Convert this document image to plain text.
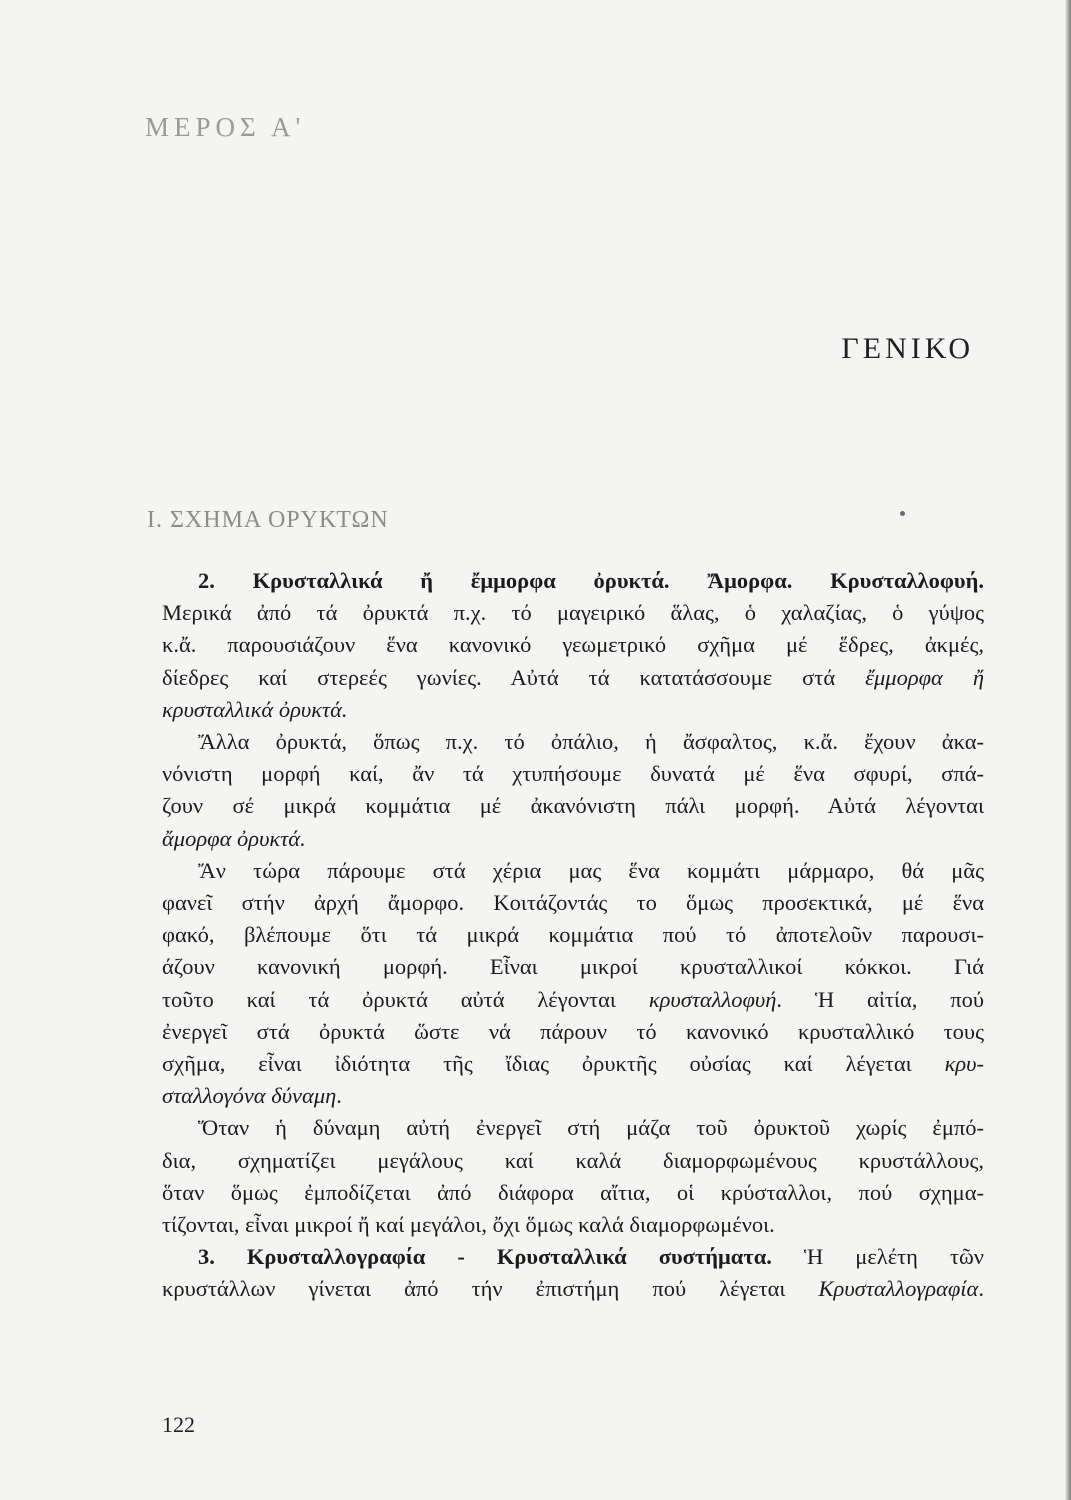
ΜΕΡΟΣ Α'
ΓΕΝΙΚΟ
Ι. ΣΧΗΜΑ ΟΡΥΚΤΩΝ
2. Κρυσταλλικά ἤ ἔμμορφα ὀρυκτά. Ἄμορφα. Κρυσταλλοφυή.
Μερικά ἀπό τά ὀρυκτά π.χ. τό μαγειρικό ἅλας, ὁ χαλαζίας, ὁ γύψος
κ.ἄ. παρουσιάζουν ἕνα κανονικό γεωμετρικό σχῆμα μέ ἕδρες, ἀκμές,
δίεδρες καί στερεές γωνίες. Αὐτά τά κατατάσσουμε στά ἔμμορφα ἤ
κρυσταλλικά ὀρυκτά.
Ἄλλα ὀρυκτά, ὅπως π.χ. τό ὀπάλιο, ἡ ἄσφαλτος, κ.ἄ. ἔχουν ἀκα-
νόνιστη μορφή καί, ἄν τά χτυπήσουμε δυνατά μέ ἕνα σφυρί, σπά-
ζουν σέ μικρά κομμάτια μέ ἀκανόνιστη πάλι μορφή. Αὐτά λέγονται
ἄμορφα ὀρυκτά.
Ἄν τώρα πάρουμε στά χέρια μας ἕνα κομμάτι μάρμαρο, θά μᾶς
φανεῖ στήν ἀρχή ἄμορφο. Κοιτάζοντάς το ὅμως προσεκτικά, μέ ἕνα
φακό, βλέπουμε ὅτι τά μικρά κομμάτια πού τό ἀποτελοῦν παρουσι-
άζουν κανονική μορφή. Εἶναι μικροί κρυσταλλικοί κόκκοι. Γιά
τοῦτο καί τά ὀρυκτά αὐτά λέγονται κρυσταλλοφυή. Ἡ αἰτία, πού
ἐνεργεῖ στά ὀρυκτά ὥστε νά πάρουν τό κανονικό κρυσταλλικό τους
σχῆμα, εἶναι ἰδιότητα τῆς ἴδιας ὀρυκτῆς οὐσίας καί λέγεται κρυ-
σταλλογόνα δύναμη.
Ὅταν ἡ δύναμη αὐτή ἐνεργεῖ στή μάζα τοῦ ὀρυκτοῦ χωρίς ἐμπό-
δια, σχηματίζει μεγάλους καί καλά διαμορφωμένους κρυστάλλους,
ὅταν ὅμως ἐμποδίζεται ἀπό διάφορα αἴτια, οἱ κρύσταλλοι, πού σχημα-
τίζονται, εἶναι μικροί ἤ καί μεγάλοι, ὄχι ὅμως καλά διαμορφωμένοι.
3. Κρυσταλλογραφία - Κρυσταλλικά συστήματα. Ἡ μελέτη τῶν
κρυστάλλων γίνεται ἀπό τήν ἐπιστήμη πού λέγεται Κρυσταλλογραφία.
122
